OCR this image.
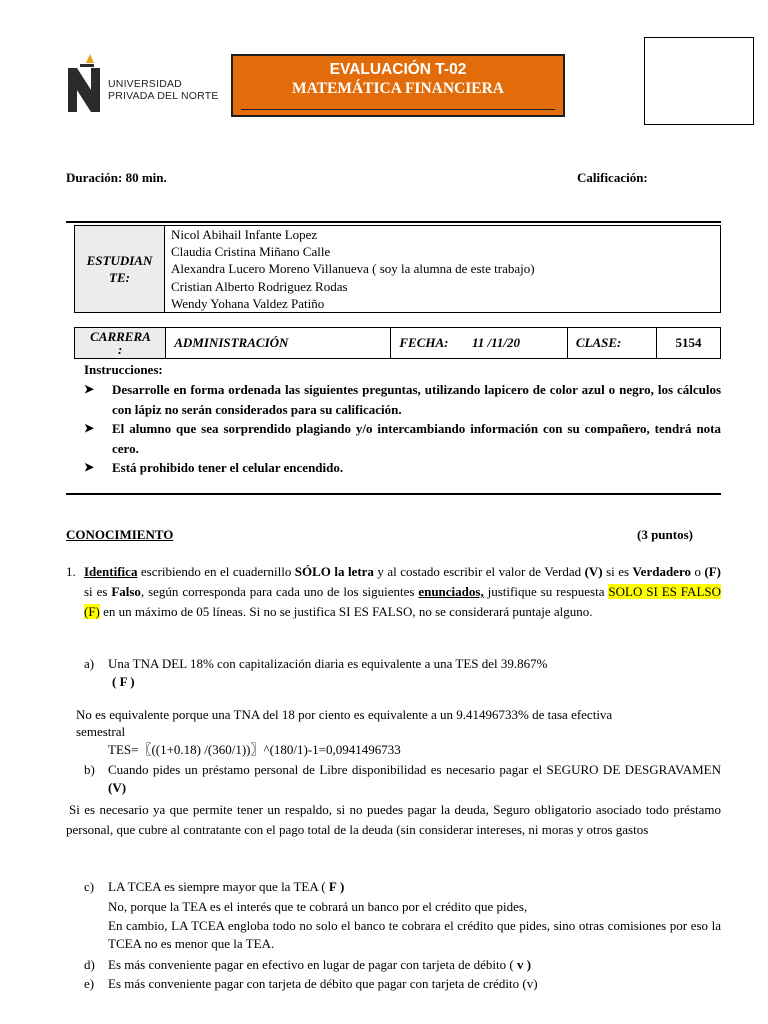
UNIVERSIDAD
PRIVADA DEL NORTE
EVALUACIÓN T-02
MATEMÁTICA FINANCIERA
Duración: 80 min.	Calificación:
ESTUDIANTE:	
Nicol Abihail Infante Lopez
Claudia Cristina Miñano Calle
Alexandra Lucero Moreno Villanueva ( soy la alumna de este trabajo)
Cristian Alberto Rodriguez Rodas
Wendy Yohana Valdez Patiño
CARRERA :	ADMINISTRACIÓN	FECHA:	11 /11/20	CLASE:	5154
Instrucciones:
➤ Desarrolle en forma ordenada las siguientes preguntas, utilizando lapicero de color azul o negro, los cálculos con lápiz no serán considerados para su calificación.
➤ El alumno que sea sorprendido plagiando y/o intercambiando información con su compañero, tendrá nota cero.
➤ Está prohibido tener el celular encendido.
CONOCIMIENTO	(3 puntos)
1. Identifica escribiendo en el cuadernillo SÓLO la letra y al costado escribir el valor de Verdad (V) si es Verdadero o (F) si es Falso, según corresponda para cada uno de los siguientes enunciados, justifique su respuesta SOLO SI ES FALSO (F) en un máximo de 05 líneas. Si no se justifica SI ES FALSO, no se considerará puntaje alguno.
a) Una TNA DEL 18% con capitalización diaria es equivalente a una TES del 39.867%
( F )
No es equivalente porque una TNA del 18 por ciento es equivalente a un 9.41496733% de tasa efectiva
semestral
TES=〖((1+0.18) /(360/1))〗^(180/1)-1=0,0941496733
b) Cuando pides un préstamo personal de Libre disponibilidad es necesario pagar el SEGURO DE DESGRAVAMEN (V)
Si es necesario ya que permite tener un respaldo, si no puedes pagar la deuda, Seguro obligatorio asociado todo préstamo personal, que cubre al contratante con el pago total de la deuda (sin considerar intereses, ni moras y otros gastos
c) LA TCEA es siempre mayor que la TEA ( F )
No, porque la TEA es el interés que te cobrará un banco por el crédito que pides,
En cambio, LA TCEA engloba todo no solo el banco te cobrara el crédito que pides, sino otras comisiones por eso la TCEA no es menor que la TEA.
d) Es más conveniente pagar en efectivo en lugar de pagar con tarjeta de débito ( v )
e) Es más conveniente pagar con tarjeta de débito que pagar con tarjeta de crédito (v)
